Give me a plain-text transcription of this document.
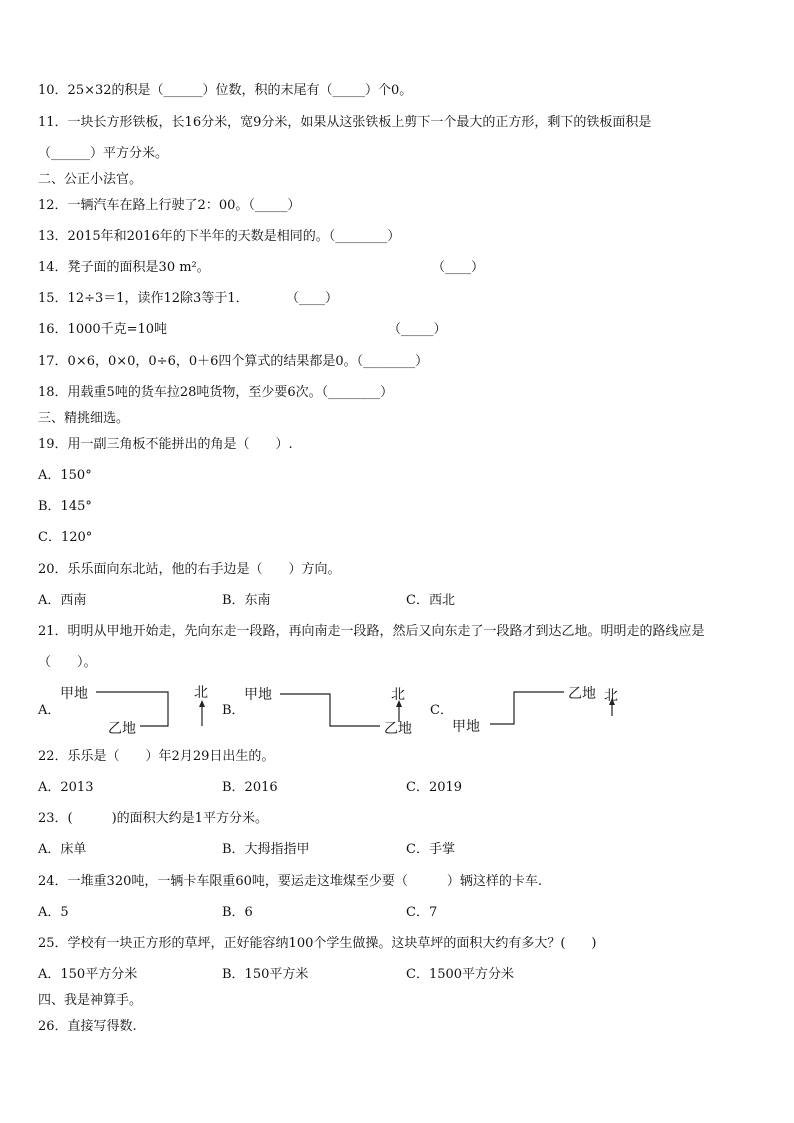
10．25×32的积是（______）位数，积的末尾有（_____）个0。
11．一块长方形铁板，长16分米，宽9分米，如果从这张铁板上剪下一个最大的正方形，剩下的铁板面积是
（______）平方分米。
二、公正小法官。
12．一辆汽车在路上行驶了2：00。（_____）
13．2015年和2016年的下半年的天数是相同的。（________）
14．凳子面的面积是30 m²。	（____）
15．12÷3＝1，读作12除3等于1．	（____）
16．1000千克=10吨	（_____）
17．0×6，0×0，0÷6，0＋6四个算式的结果都是0。（________）
18．用载重5吨的货车拉28吨货物，至少要6次。（________）
三、精挑细选。
19．用一副三角板不能拼出的角是（　　）.
A．150°
B．145°
C．120°
20．乐乐面向东北站，他的右手边是（　　）方向。
A．西南	B．东南	C．西北
21．明明从甲地开始走，先向东走一段路，再向南走一段路，然后又向东走了一段路才到达乙地。明明走的路线应是
（　　）。
A．
甲地
乙地
北
B．
甲地
乙地
北
C．
甲地
乙地 北
22．乐乐是（　　）年2月29日出生的。
A．2013	B．2016	C．2019
23．(　　　)的面积大约是1平方分米。
A．床单	B．大拇指指甲	C．手掌
24．一堆重320吨，一辆卡车限重60吨，要运走这堆煤至少要（　　　）辆这样的卡车.
A．5	B．6	C．7
25．学校有一块正方形的草坪，正好能容纳100个学生做操。这块草坪的面积大约有多大？(　　)
A．150平方分米	B．150平方米	C．1500平方分米
四、我是神算手。
26．直接写得数.
